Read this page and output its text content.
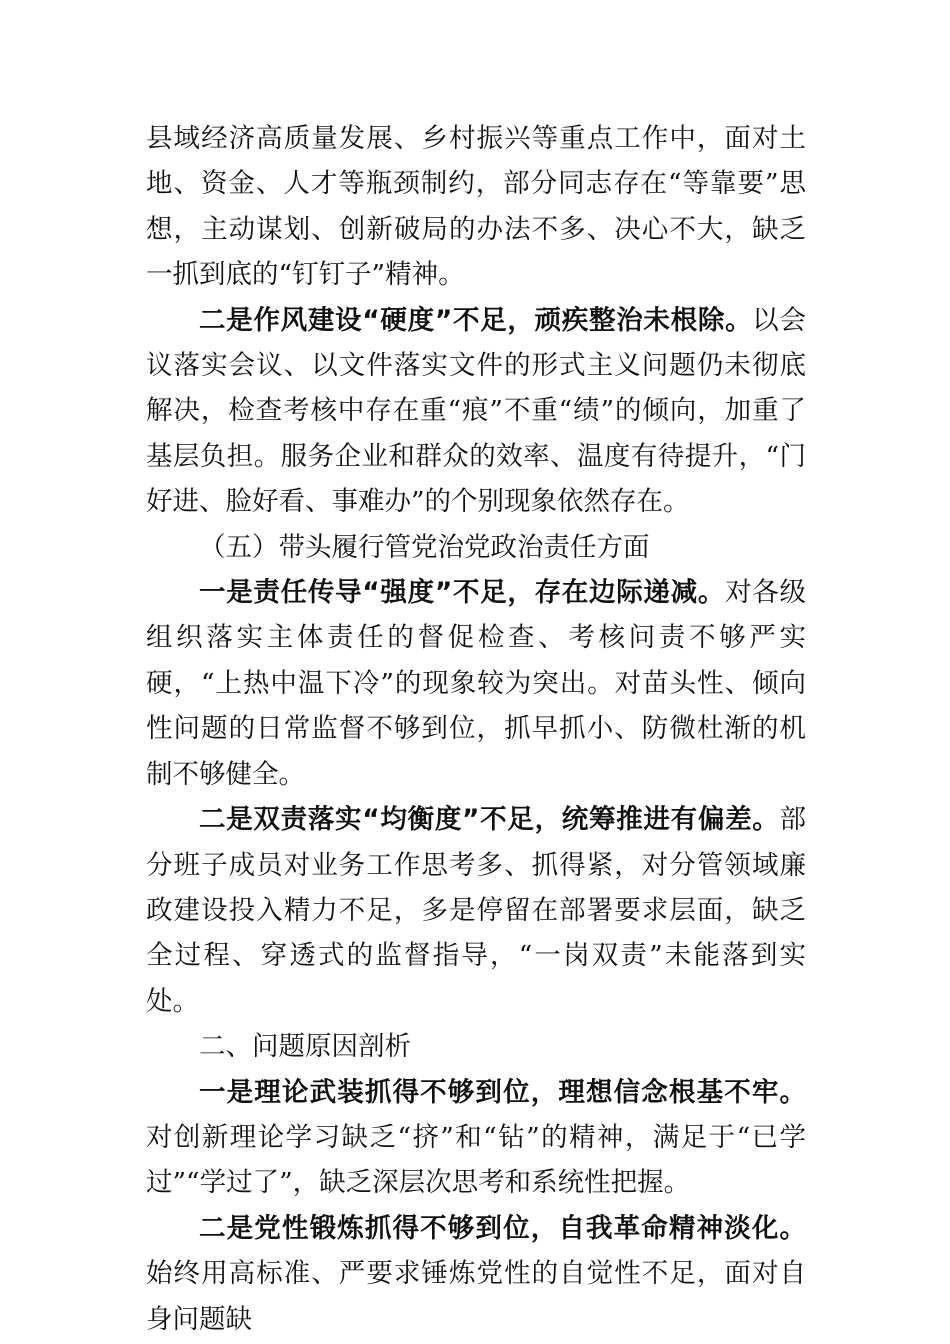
县域经济高质量发展、乡村振兴等重点工作中，面对土地、资金、人才等瓶颈制约，部分同志存在“等靠要”思想，主动谋划、创新破局的办法不多、决心不大，缺乏一抓到底的“钉钉子”精神。

二是作风建设“硬度”不足，顽疾整治未根除。以会议落实会议、以文件落实文件的形式主义问题仍未彻底解决，检查考核中存在重“痕”不重“绩”的倾向，加重了基层负担。服务企业和群众的效率、温度有待提升，“门好进、脸好看、事难办”的个别现象依然存在。

（五）带头履行管党治党政治责任方面

一是责任传导“强度”不足，存在边际递减。对各级组织落实主体责任的督促检查、考核问责不够严实硬，“上热中温下冷”的现象较为突出。对苗头性、倾向性问题的日常监督不够到位，抓早抓小、防微杜渐的机制不够健全。

二是双责落实“均衡度”不足，统筹推进有偏差。部分班子成员对业务工作思考多、抓得紧，对分管领域廉政建设投入精力不足，多是停留在部署要求层面，缺乏全过程、穿透式的监督指导，“一岗双责”未能落到实处。

二、问题原因剖析

一是理论武装抓得不够到位，理想信念根基不牢。对创新理论学习缺乏“挤”和“钻”的精神，满足于“已学过”“学过了”，缺乏深层次思考和系统性把握。

二是党性锻炼抓得不够到位，自我革命精神淡化。始终用高标准、严要求锤炼党性的自觉性不足，面对自身问题缺
